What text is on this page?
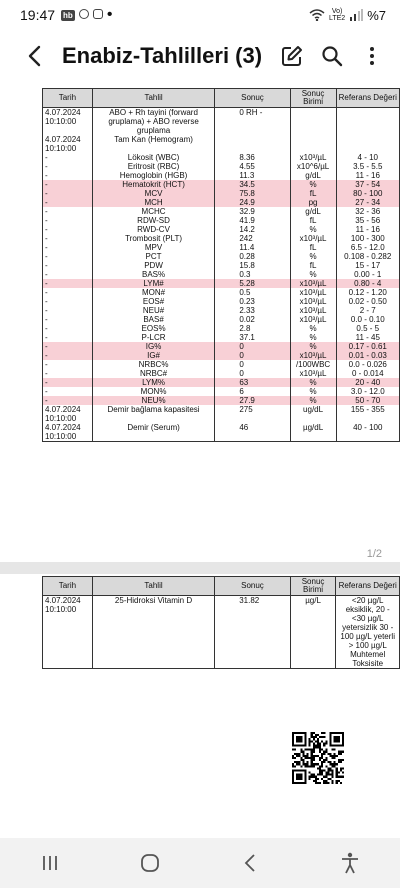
19:47 hb •	Vo)
LTE2 %7
Enabiz-Tahlilleri (3)
1/2
Tarih	Tahlil	Sonuç	Sonuç Birimi	Referans Değeri
4.07.2024 10:10:00	ABO + Rh tayini (forward gruplama) + ABO reverse gruplama	0 RH -		
4.07.2024 10:10:00	Tam Kan (Hemogram)			
-	Lökosit (WBC)	8.36	x10³/µL	4 - 10
-	Eritrosit (RBC)	4.55	x10^6/µL	3.5 - 5.5
-	Hemoglobin (HGB)	11.3	g/dL	11 - 16
-	Hematokrit (HCT)	34.5	%	37 - 54
-	MCV	75.8	fL	80 - 100
-	MCH	24.9	pg	27 - 34
-	MCHC	32.9	g/dL	32 - 36
-	RDW-SD	41.9	fL	35 - 56
-	RWD-CV	14.2	%	11 - 16
-	Trombosit (PLT)	242	x10³/µL	100 - 300
-	MPV	11.4	fL	6.5 - 12.0
-	PCT	0.28	%	0.108 - 0.282
-	PDW	15.8	fL	15 - 17
-	BAS%	0.3	%	0.00 - 1
-	LYM#	5.28	x10³/µL	0.80 - 4
-	MON#	0.5	x10³/µL	0.12 - 1.20
-	EOS#	0.23	x10³/µL	0.02 - 0.50
-	NEU#	2.33	x10³/µL	2 - 7
-	BAS#	0.02	x10³/µL	0.0 - 0.10
-	EOS%	2.8	%	0.5 - 5
-	P-LCR	37.1	%	11 - 45
-	IG%	0	%	0.17 - 0.61
-	IG#	0	x10³/µL	0.01 - 0.03
-	NRBC%	0	/100WBC	0.0 - 0.026
-	NRBC#	0	x10³/µL	0 - 0.014
-	LYM%	63	%	20 - 40
-	MON%	6	%	3.0 - 12.0
-	NEU%	27.9	%	50 - 70
4.07.2024 10:10:00	Demir bağlama kapasitesi	275	ug/dL	155 - 355
4.07.2024 10:10:00	Demir (Serum)	46	µg/dL	40 - 100
Tarih	Tahlil	Sonuç	Sonuç Birimi	Referans Değeri
4.07.2024 10:10:00	25-Hidroksi Vitamin D	31.82	µg/L	<20 µg/L eksiklik, 20 - <30 µg/L yetersizlik 30 - 100 µg/L yeterli > 100 µg/L Muhtemel Toksisite
